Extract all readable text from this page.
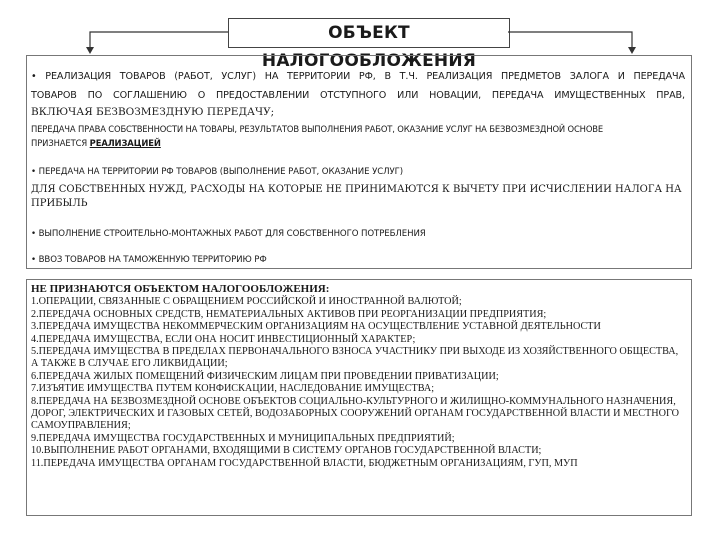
ОБЪЕКТ НАЛОГООБЛОЖЕНИЯ

• РЕАЛИЗАЦИЯ ТОВАРОВ (РАБОТ, УСЛУГ) НА ТЕРРИТОРИИ РФ, В Т.Ч. РЕАЛИЗАЦИЯ ПРЕДМЕТОВ ЗАЛОГА И ПЕРЕДАЧА

ТОВАРОВ ПО СОГЛАШЕНИЮ О ПРЕДОСТАВЛЕНИИ ОТСТУПНОГО ИЛИ НОВАЦИИ, ПЕРЕДАЧА ИМУЩЕСТВЕННЫХ ПРАВ,

ВКЛЮЧАЯ БЕЗВОЗМЕЗДНУЮ ПЕРЕДАЧУ;

ПЕРЕДАЧА ПРАВА СОБСТВЕННОСТИ НА ТОВАРЫ, РЕЗУЛЬТАТОВ ВЫПОЛНЕНИЯ РАБОТ, ОКАЗАНИЕ УСЛУГ НА БЕЗВОЗМЕЗДНОЙ ОСНОВЕ

ПРИЗНАЕТСЯ РЕАЛИЗАЦИЕЙ

• ПЕРЕДАЧА НА ТЕРРИТОРИИ РФ ТОВАРОВ (ВЫПОЛНЕНИЕ РАБОТ, ОКАЗАНИЕ УСЛУГ)

ДЛЯ СОБСТВЕННЫХ НУЖД, РАСХОДЫ НА КОТОРЫЕ НЕ ПРИНИМАЮТСЯ К ВЫЧЕТУ ПРИ ИСЧИСЛЕНИИ НАЛОГА НА

ПРИБЫЛЬ

• ВЫПОЛНЕНИЕ СТРОИТЕЛЬНО-МОНТАЖНЫХ РАБОТ ДЛЯ СОБСТВЕННОГО ПОТРЕБЛЕНИЯ

• ВВОЗ ТОВАРОВ НА ТАМОЖЕННУЮ ТЕРРИТОРИЮ РФ

НЕ ПРИЗНАЮТСЯ ОБЪЕКТОМ НАЛОГООБЛОЖЕНИЯ:

1.ОПЕРАЦИИ, СВЯЗАННЫЕ С ОБРАЩЕНИЕМ РОССИЙСКОЙ И ИНОСТРАННОЙ ВАЛЮТОЙ;
2.ПЕРЕДАЧА ОСНОВНЫХ СРЕДСТВ, НЕМАТЕРИАЛЬНЫХ АКТИВОВ ПРИ РЕОРГАНИЗАЦИИ ПРЕДПРИЯТИЯ;
3.ПЕРЕДАЧА ИМУЩЕСТВА НЕКОММЕРЧЕСКИМ ОРГАНИЗАЦИЯМ НА ОСУЩЕСТВЛЕНИЕ УСТАВНОЙ ДЕЯТЕЛЬНОСТИ
4.ПЕРЕДАЧА ИМУЩЕСТВА, ЕСЛИ ОНА НОСИТ ИНВЕСТИЦИОННЫЙ ХАРАКТЕР;
5.ПЕРЕДАЧА ИМУЩЕСТВА В ПРЕДЕЛАХ ПЕРВОНАЧАЛЬНОГО ВЗНОСА УЧАСТНИКУ ПРИ ВЫХОДЕ ИЗ ХОЗЯЙСТВЕННОГО ОБЩЕСТВА, А ТАКЖЕ В СЛУЧАЕ ЕГО ЛИКВИДАЦИИ;
6.ПЕРЕДАЧА ЖИЛЫХ ПОМЕЩЕНИЙ ФИЗИЧЕСКИМ ЛИЦАМ ПРИ ПРОВЕДЕНИИ ПРИВАТИЗАЦИИ;
7.ИЗЪЯТИЕ ИМУЩЕСТВА ПУТЕМ КОНФИСКАЦИИ, НАСЛЕДОВАНИЕ ИМУЩЕСТВА;
8.ПЕРЕДАЧА НА БЕЗВОЗМЕЗДНОЙ ОСНОВЕ ОБЪЕКТОВ СОЦИАЛЬНО-КУЛЬТУРНОГО И ЖИЛИЩНО-КОММУНАЛЬНОГО НАЗНАЧЕНИЯ, ДОРОГ, ЭЛЕКТРИЧЕСКИХ И ГАЗОВЫХ СЕТЕЙ, ВОДОЗАБОРНЫХ СООРУЖЕНИЙ ОРГАНАМ ГОСУДАРСТВЕННОЙ ВЛАСТИ И МЕСТНОГО САМОУПРАВЛЕНИЯ;
9.ПЕРЕДАЧА ИМУЩЕСТВА ГОСУДАРСТВЕННЫХ И МУНИЦИПАЛЬНЫХ ПРЕДПРИЯТИЙ;
10.ВЫПОЛНЕНИЕ РАБОТ ОРГАНАМИ, ВХОДЯЩИМИ В СИСТЕМУ ОРГАНОВ ГОСУДАРСТВЕННОЙ ВЛАСТИ;
11.ПЕРЕДАЧА ИМУЩЕСТВА ОРГАНАМ ГОСУДАРСТВЕННОЙ ВЛАСТИ, БЮДЖЕТНЫМ ОРГАНИЗАЦИЯМ, ГУП, МУП
